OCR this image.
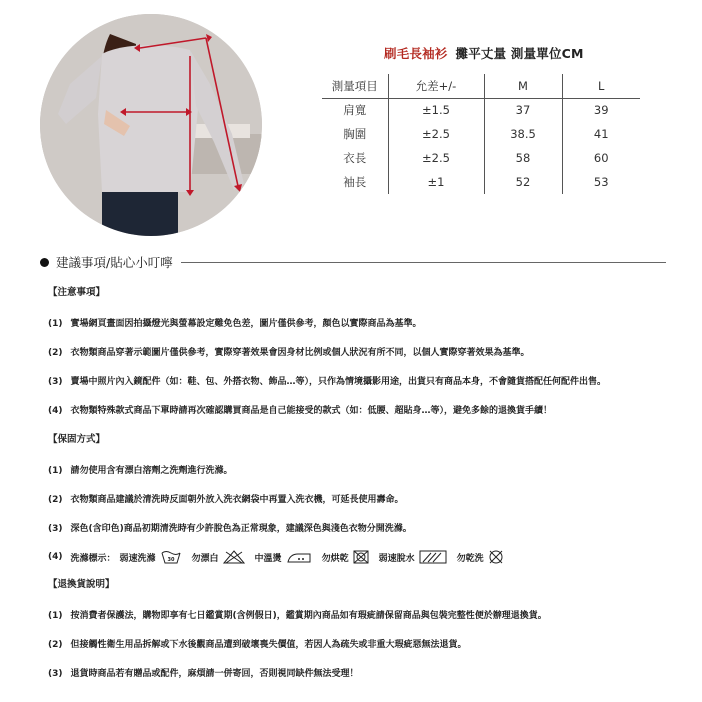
刷毛長袖衫 攤平丈量 測量單位CM
測量項目	允差+/-	M	L
肩寬	±1.5	37	39
胸圍	±2.5	38.5	41
衣長	±2.5	58	60
袖長	±1	52	53
建議事項/貼心小叮嚀
【注意事項】
(1) 實場網頁畫面因拍攝燈光與螢幕設定難免色差，圖片僅供參考，顏色以實際商品為基準。
(2) 衣物類商品穿著示範圖片僅供參考，實際穿著效果會因身材比例或個人狀況有所不同，以個人實際穿著效果為基準。
(3) 賣場中照片內入鏡配件（如：鞋、包、外搭衣物、飾品…等），只作為情境攝影用途，出貨只有商品本身，不會隨貨搭配任何配件出售。
(4) 衣物類特殊款式商品下單時請再次確認購買商品是自己能接受的款式（如：低腰、超貼身…等），避免多餘的退換貨手續！
【保固方式】
(1) 請勿使用含有漂白溶劑之洗劑進行洗滌。
(2) 衣物類商品建議於清洗時反面朝外放入洗衣網袋中再置入洗衣機，可延長使用壽命。
(3) 深色(含印色)商品初期清洗時有少許脫色為正常現象，建議深色與淺色衣物分開洗滌。
(4) 洗滌標示： 弱速洗滌 30 勿漂白	中溫燙	勿烘乾	弱速脫水	勿乾洗
【退換貨說明】
(1) 按消費者保護法，購物即享有七日鑑賞期(含例假日)，鑑賞期內商品如有瑕疵請保留商品與包裝完整性便於辦理退換貨。
(2) 但接觸性衛生用品拆解或下水後觀商品遭到破壞喪失價值，若因人為疏失或非重大瑕疵惡無法退貨。
(3) 退貨時商品若有贈品或配件，麻煩請一併寄回，否則視同缺件無法受理！
